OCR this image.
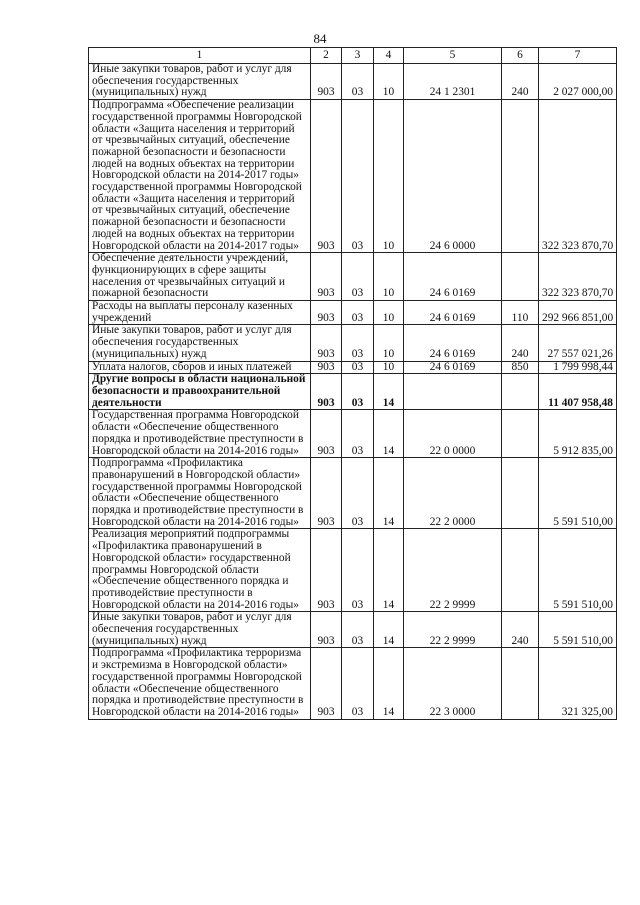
84
1	2	3	4	5	6	7
Иные закупки товаров, работ и услуг для обеспечения государственных (муниципальных) нужд	903	03	10	24 1 2301	240	2 027 000,00
Подпрограмма «Обеспечение реализации государственной программы Новгородской области «Защита населения и территорий от чрезвычайных ситуаций, обеспечение пожарной безопасности и безопасности людей на водных объектах на территории Новгородской области на 2014-2017 годы» государственной программы Новгородской области «Защита населения и территорий от чрезвычайных ситуаций, обеспечение пожарной безопасности и безопасности людей на водных объектах на территории Новгородской области на 2014-2017 годы»	903	03	10	24 6 0000		322 323 870,70
Обеспечение деятельности учреждений, функционирующих в сфере защиты населения от чрезвычайных ситуаций и пожарной безопасности	903	03	10	24 6 0169		322 323 870,70
Расходы на выплаты персоналу казенных учреждений	903	03	10	24 6 0169	110	292 966 851,00
Иные закупки товаров, работ и услуг для обеспечения государственных (муниципальных) нужд	903	03	10	24 6 0169	240	27 557 021,26
Уплата налогов, сборов и иных платежей	903	03	10	24 6 0169	850	1 799 998,44
Другие вопросы в области национальной безопасности и правоохранительной деятельности	903	03	14			11 407 958,48
Государственная программа Новгородской области «Обеспечение общественного порядка и противодействие преступности в Новгородской области на 2014-2016 годы»	903	03	14	22 0 0000		5 912 835,00
Подпрограмма «Профилактика правонарушений в Новгородской области» государственной программы Новгородской области «Обеспечение общественного порядка и противодействие преступности в Новгородской области на 2014-2016 годы»	903	03	14	22 2 0000		5 591 510,00
Реализация мероприятий подпрограммы «Профилактика правонарушений в Новгородской области» государственной программы Новгородской области «Обеспечение общественного порядка и противодействие преступности в Новгородской области на 2014-2016 годы»	903	03	14	22 2 9999		5 591 510,00
Иные закупки товаров, работ и услуг для обеспечения государственных (муниципальных) нужд	903	03	14	22 2 9999	240	5 591 510,00
Подпрограмма «Профилактика терроризма и экстремизма в Новгородской области» государственной программы Новгородской области «Обеспечение общественного порядка и противодействие преступности в Новгородской области на 2014-2016 годы»	903	03	14	22 3 0000		321 325,00
